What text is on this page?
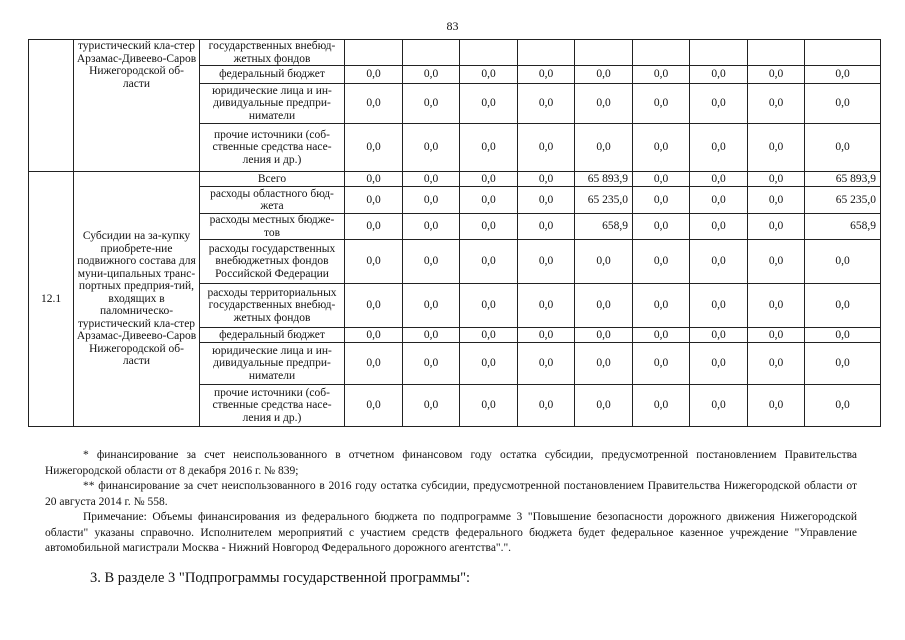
83
	туристический кла-стер Арзамас-Дивеево-Саров Нижегородской об-ласти	государственных внебюд-жетных фондов									
		федеральный бюджет	0,0	0,0	0,0	0,0	0,0	0,0	0,0	0,0	0,0
		юридические лица и ин-дивидуальные предпри-ниматели	0,0	0,0	0,0	0,0	0,0	0,0	0,0	0,0	0,0
		прочие источники (соб-ственные средства насе-ления и др.)	0,0	0,0	0,0	0,0	0,0	0,0	0,0	0,0	0,0
12.1	Субсидии на за-купку приобрете-ние подвижного состава для муни-ципальных транс-портных предприя-тий, входящих в паломническо-туристический кла-стер Арзамас-Дивеево-Саров Нижегородской об-ласти	Всего	0,0	0,0	0,0	0,0	65 893,9	0,0	0,0	0,0	65 893,9
		расходы областного бюд-жета	0,0	0,0	0,0	0,0	65 235,0	0,0	0,0	0,0	65 235,0
		расходы местных бюдже-тов	0,0	0,0	0,0	0,0	658,9	0,0	0,0	0,0	658,9
		расходы государственных внебюджетных фондов Российской Федерации	0,0	0,0	0,0	0,0	0,0	0,0	0,0	0,0	0,0
		расходы территориальных государственных внебюд-жетных фондов	0,0	0,0	0,0	0,0	0,0	0,0	0,0	0,0	0,0
		федеральный бюджет	0,0	0,0	0,0	0,0	0,0	0,0	0,0	0,0	0,0
		юридические лица и ин-дивидуальные предпри-ниматели	0,0	0,0	0,0	0,0	0,0	0,0	0,0	0,0	0,0
		прочие источники (соб-ственные средства насе-ления и др.)	0,0	0,0	0,0	0,0	0,0	0,0	0,0	0,0	0,0

* финансирование за счет неиспользованного в отчетном финансовом году остатка субсидии, предусмотренной постановлением Правительства Нижегородской области от 8 декабря 2016 г. № 839;

** финансирование за счет неиспользованного в 2016 году остатка субсидии, предусмотренной постановлением Правительства Нижегородской области от 20 августа 2014 г. № 558.

Примечание: Объемы финансирования из федерального бюджета по подпрограмме 3 "Повышение безопасности дорожного движения Нижегородской области" указаны справочно. Исполнителем мероприятий с участием средств федерального бюджета будет федеральное казенное учреждение "Управление автомобильной магистрали Москва - Нижний Новгород Федерального дорожного агентства".".

3. В разделе 3 "Подпрограммы государственной программы":
